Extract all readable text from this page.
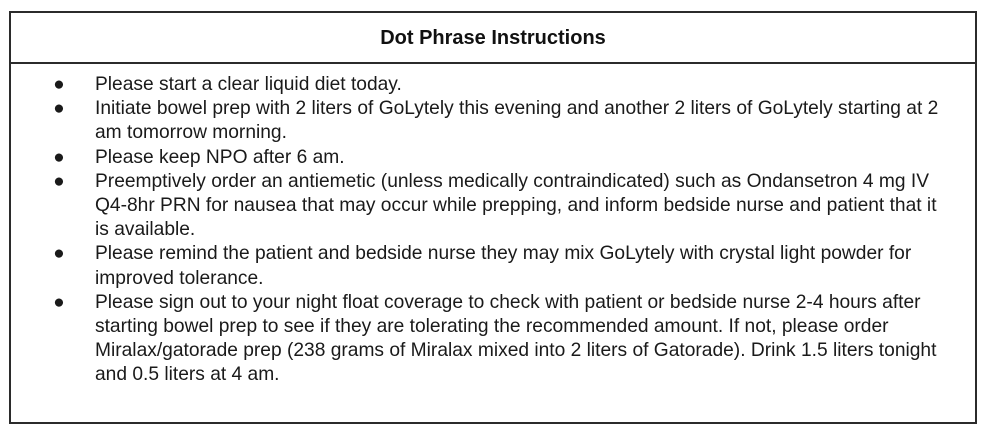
Dot Phrase Instructions
● Please start a clear liquid diet today.
● Initiate bowel prep with 2 liters of GoLytely this evening and another 2 liters of GoLytely starting at 2 am tomorrow morning.
● Please keep NPO after 6 am.
● Preemptively order an antiemetic (unless medically contraindicated) such as Ondansetron 4 mg IV Q4-8hr PRN for nausea that may occur while prepping, and inform bedside nurse and patient that it is available.
● Please remind the patient and bedside nurse they may mix GoLytely with crystal light powder for improved tolerance.
● Please sign out to your night float coverage to check with patient or bedside nurse 2-4 hours after starting bowel prep to see if they are tolerating the recommended amount. If not, please order Miralax/gatorade prep (238 grams of Miralax mixed into 2 liters of Gatorade). Drink 1.5 liters tonight and 0.5 liters at 4 am.
